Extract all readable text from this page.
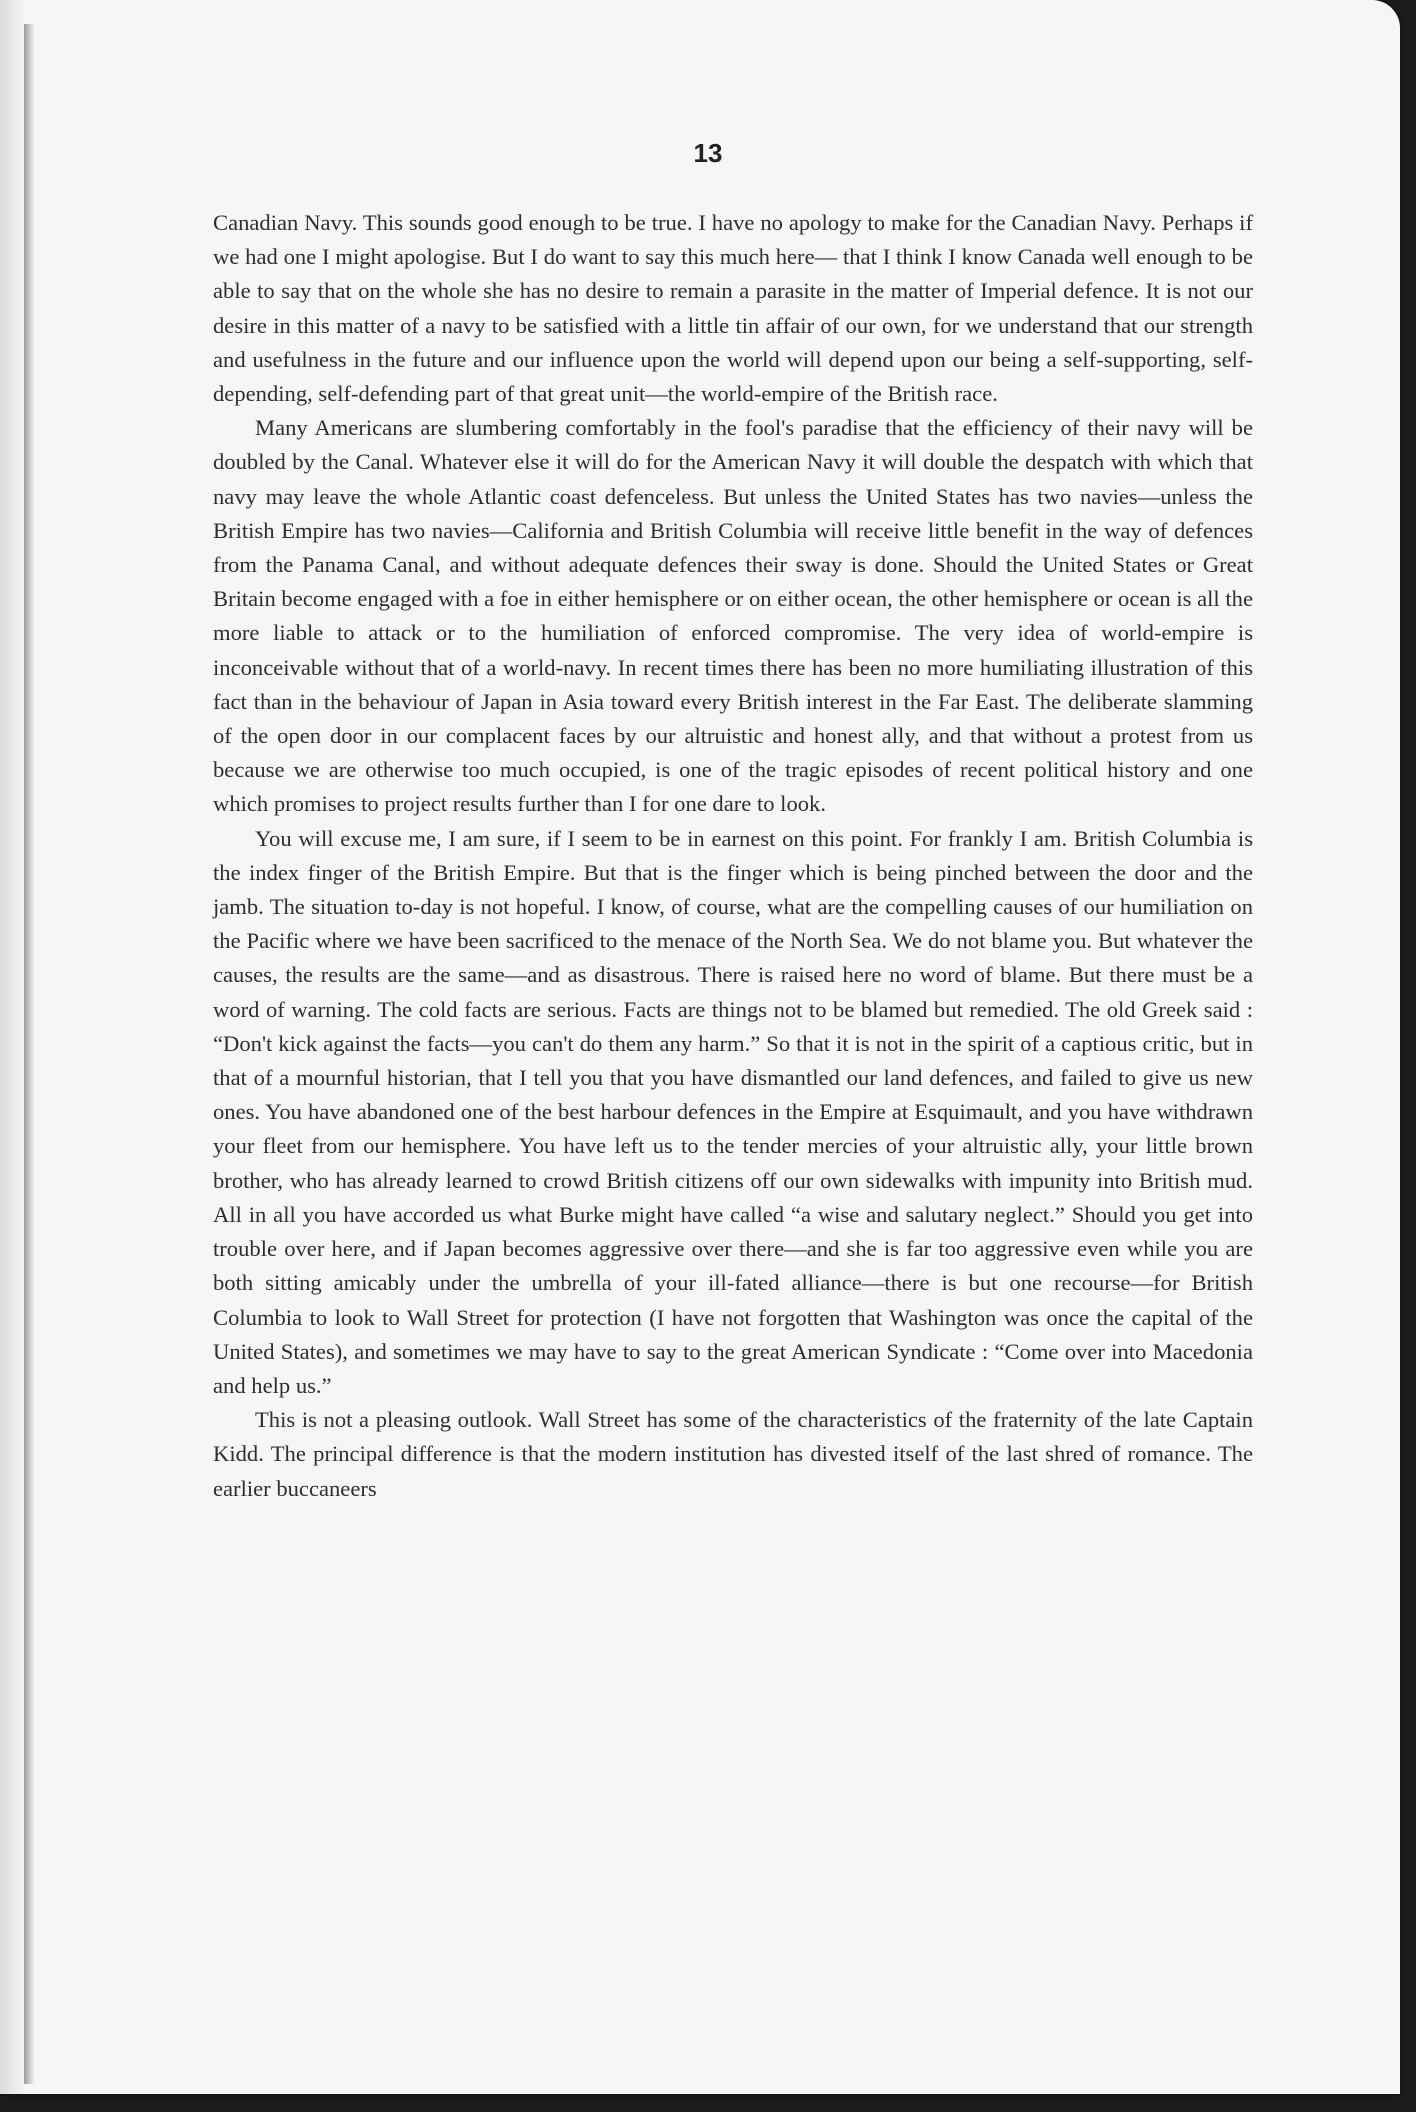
13

Canadian Navy. This sounds good enough to be true. I have no apology to make for the Canadian Navy. Perhaps if we had one I might apologise. But I do want to say this much here— that I think I know Canada well enough to be able to say that on the whole she has no desire to remain a parasite in the matter of Imperial defence. It is not our desire in this matter of a navy to be satisfied with a little tin affair of our own, for we understand that our strength and usefulness in the future and our influence upon the world will depend upon our being a self-supporting, self-depending, self-defending part of that great unit—the world-empire of the British race.

Many Americans are slumbering comfortably in the fool's paradise that the efficiency of their navy will be doubled by the Canal. Whatever else it will do for the American Navy it will double the despatch with which that navy may leave the whole Atlantic coast defenceless. But unless the United States has two navies—unless the British Empire has two navies—California and British Columbia will receive little benefit in the way of defences from the Panama Canal, and without adequate defences their sway is done. Should the United States or Great Britain become engaged with a foe in either hemisphere or on either ocean, the other hemisphere or ocean is all the more liable to attack or to the humiliation of enforced compromise. The very idea of world-empire is inconceivable without that of a world-navy. In recent times there has been no more humiliating illustration of this fact than in the behaviour of Japan in Asia toward every British interest in the Far East. The deliberate slamming of the open door in our complacent faces by our altruistic and honest ally, and that without a protest from us because we are otherwise too much occupied, is one of the tragic episodes of recent political history and one which promises to project results further than I for one dare to look.

You will excuse me, I am sure, if I seem to be in earnest on this point. For frankly I am. British Columbia is the index finger of the British Empire. But that is the finger which is being pinched between the door and the jamb. The situation to-day is not hopeful. I know, of course, what are the compelling causes of our humiliation on the Pacific where we have been sacrificed to the menace of the North Sea. We do not blame you. But whatever the causes, the results are the same—and as disastrous. There is raised here no word of blame. But there must be a word of warning. The cold facts are serious. Facts are things not to be blamed but remedied. The old Greek said : “Don't kick against the facts—you can't do them any harm.” So that it is not in the spirit of a captious critic, but in that of a mournful historian, that I tell you that you have dismantled our land defences, and failed to give us new ones. You have abandoned one of the best harbour defences in the Empire at Esquimault, and you have withdrawn your fleet from our hemisphere. You have left us to the tender mercies of your altruistic ally, your little brown brother, who has already learned to crowd British citizens off our own sidewalks with impunity into British mud. All in all you have accorded us what Burke might have called “a wise and salutary neglect.” Should you get into trouble over here, and if Japan becomes aggressive over there—and she is far too aggressive even while you are both sitting amicably under the umbrella of your ill-fated alliance—there is but one recourse—for British Columbia to look to Wall Street for protection (I have not forgotten that Washington was once the capital of the United States), and sometimes we may have to say to the great American Syndicate : “Come over into Macedonia and help us.”

This is not a pleasing outlook. Wall Street has some of the characteristics of the fraternity of the late Captain Kidd. The principal difference is that the modern institution has divested itself of the last shred of romance. The earlier buccaneers
